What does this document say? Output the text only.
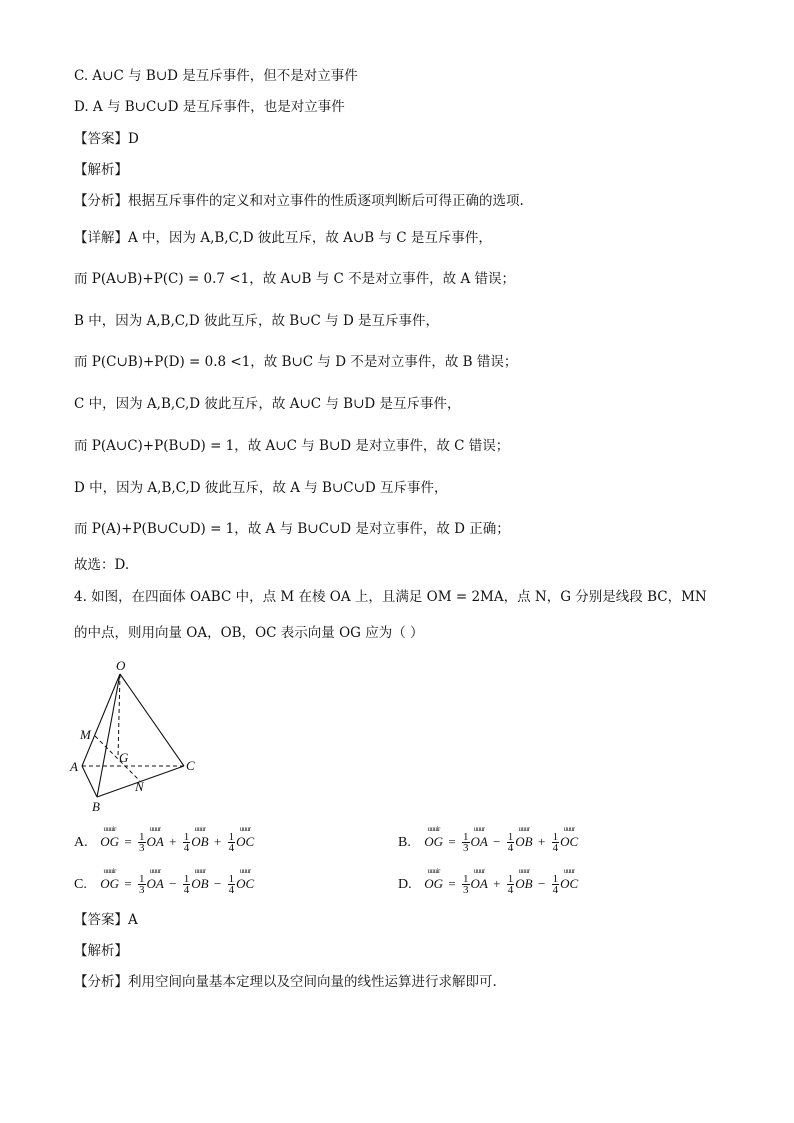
C. A∪C 与 B∪D 是互斥事件，但不是对立事件
D. A 与 B∪C∪D 是互斥事件，也是对立事件
【答案】D
【解析】
【分析】根据互斥事件的定义和对立事件的性质逐项判断后可得正确的选项.
【详解】A 中，因为 A,B,C,D 彼此互斥，故 A∪B 与 C 是互斥事件，
而 P(A∪B)+P(C) = 0.7 <1，故 A∪B 与 C 不是对立事件，故 A 错误；
B 中，因为 A,B,C,D 彼此互斥，故 B∪C 与 D 是互斥事件，
而 P(C∪B)+P(D) = 0.8 <1，故 B∪C 与 D 不是对立事件，故 B 错误；
C 中，因为 A,B,C,D 彼此互斥，故 A∪C 与 B∪D 是互斥事件，
而 P(A∪C)+P(B∪D) = 1，故 A∪C 与 B∪D 是对立事件，故 C 错误；
D 中，因为 A,B,C,D 彼此互斥，故 A 与 B∪C∪D 互斥事件，
而 P(A)+P(B∪C∪D) = 1，故 A 与 B∪C∪D 是对立事件，故 D 正确；
故选：D.
4. 如图，在四面体 OABC 中，点 M 在棱 OA 上，且满足 OM = 2MA，点 N，G 分别是线段 BC，MN
的中点，则用向量 OA，OB，OC 表示向量 OG 应为（ ）
O
M
A
G
C
N
B
A. uuuir OG = $\frac{1}{3}$ uuur OA + $\frac{1}{4}$ uuur OB + $\frac{1}{4}$ uuur OC	B. uuuir OG = $\frac{1}{3}$ uuur OA − $\frac{1}{4}$ uuur OB + $\frac{1}{4}$ uuur OC
C. uuuir OG = $\frac{1}{3}$ uuur OA − $\frac{1}{4}$ uuur OB − $\frac{1}{4}$ uuur OC	D. uuuir OG = $\frac{1}{3}$ uuur OA + $\frac{1}{4}$ uuur OB − $\frac{1}{4}$ uuur OC
【答案】A
【解析】
【分析】利用空间向量基本定理以及空间向量的线性运算进行求解即可.
